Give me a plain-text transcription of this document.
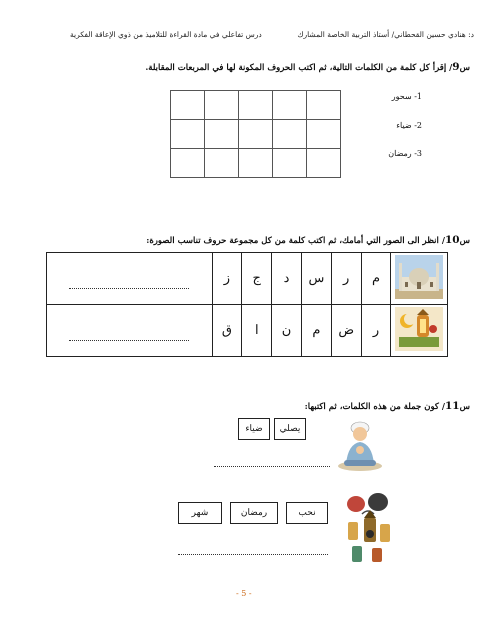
د: هنادي حسين القحطاني/ أستاذ التربية الخاصة المشارك
درس تفاعلي في مادة القراءة للتلاميذ من ذوي الإعاقة الفكرية
س9/ إقرأ كل كلمة من الكلمات التالية، ثم اكتب الحروف المكونة لها في المربعات المقابلة.

1- سحور
2- ضياء
3- رمضان
س10/ انظر الى الصور التي أمامك، ثم اكتب كلمة من كل مجموعة حروف تناسب الصورة:
	ز	ج	د	س	ر	م	

	ق	ا	ن	م	ض	ر	
س11/ كون جملة من هذه الكلمات، ثم اكتبها:
يصلي
ضياء
نحب
رمضان
شهر
- 5 -
